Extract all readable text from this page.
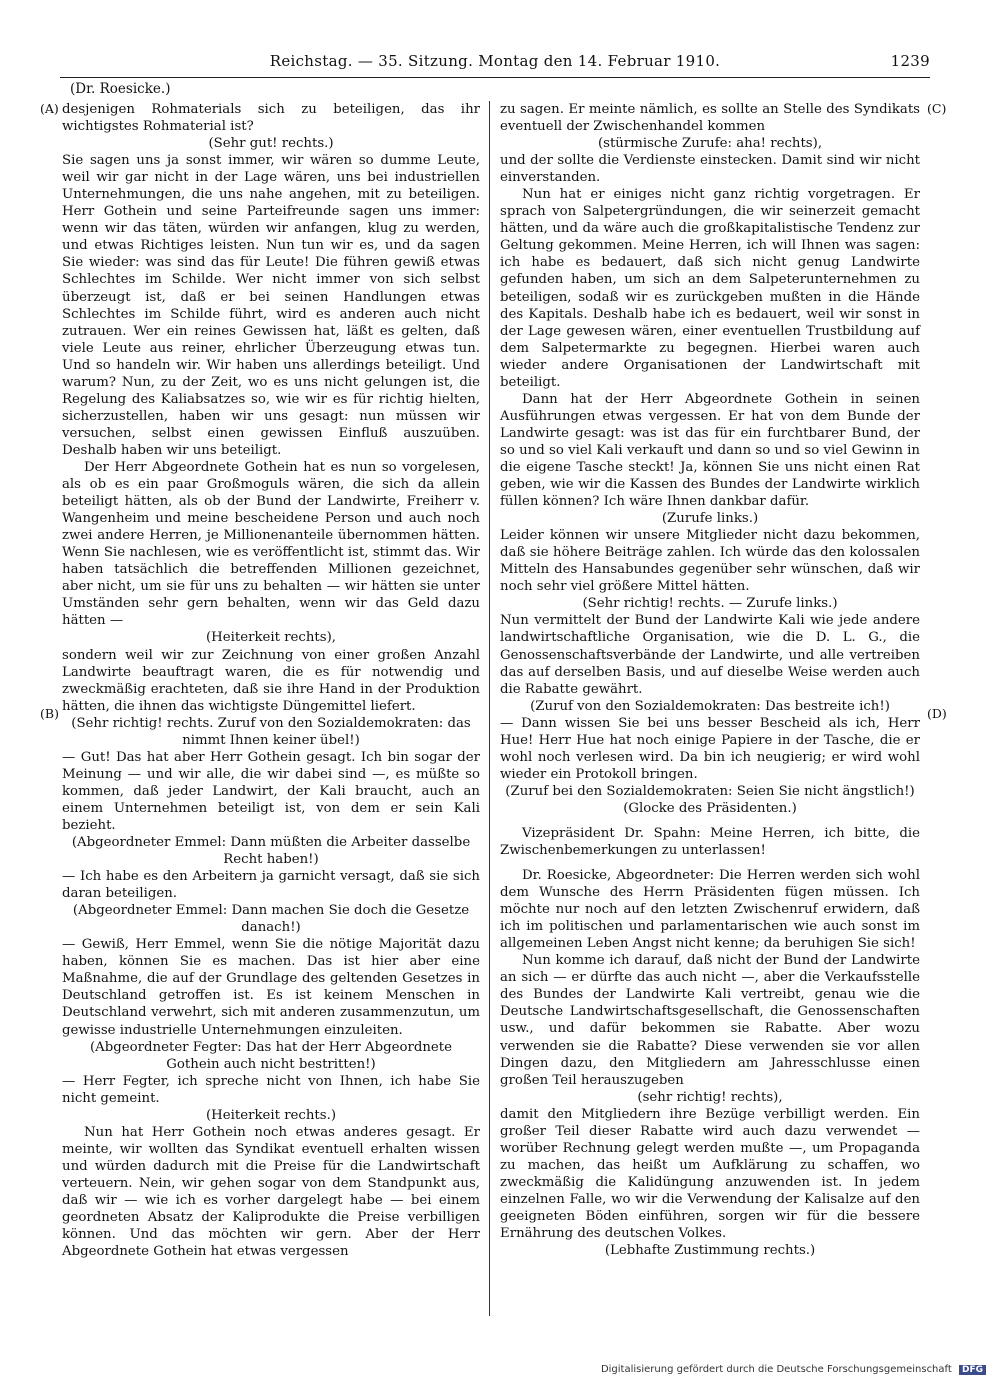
Reichstag. — 35. Sitzung. Montag den 14. Februar 1910.	1239
(Dr. Roesicke.)
(A)
(B)
(C)
(D)

desjenigen Rohmaterials sich zu beteiligen, das ihr wichtigstes Rohmaterial ist?

(Sehr gut! rechts.)

Sie sagen uns ja sonst immer, wir wären so dumme Leute, weil wir gar nicht in der Lage wären, uns bei industriellen Unternehmungen, die uns nahe angehen, mit zu beteiligen. Herr Gothein und seine Parteifreunde sagen uns immer: wenn wir das täten, würden wir anfangen, klug zu werden, und etwas Richtiges leisten. Nun tun wir es, und da sagen Sie wieder: was sind das für Leute! Die führen gewiß etwas Schlechtes im Schilde. Wer nicht immer von sich selbst überzeugt ist, daß er bei seinen Handlungen etwas Schlechtes im Schilde führt, wird es anderen auch nicht zutrauen. Wer ein reines Gewissen hat, läßt es gelten, daß viele Leute aus reiner, ehrlicher Überzeugung etwas tun. Und so handeln wir. Wir haben uns allerdings beteiligt. Und warum? Nun, zu der Zeit, wo es uns nicht gelungen ist, die Regelung des Kaliabsatzes so, wie wir es für richtig hielten, sicherzustellen, haben wir uns gesagt: nun müssen wir versuchen, selbst einen gewissen Einfluß auszuüben. Deshalb haben wir uns beteiligt.

Der Herr Abgeordnete Gothein hat es nun so vorgelesen, als ob es ein paar Großmoguls wären, die sich da allein beteiligt hätten, als ob der Bund der Landwirte, Freiherr v. Wangenheim und meine bescheidene Person und auch noch zwei andere Herren, je Millionenanteile übernommen hätten. Wenn Sie nachlesen, wie es veröffentlicht ist, stimmt das. Wir haben tatsächlich die betreffenden Millionen gezeichnet, aber nicht, um sie für uns zu behalten — wir hätten sie unter Umständen sehr gern behalten, wenn wir das Geld dazu hätten —

(Heiterkeit rechts),

sondern weil wir zur Zeichnung von einer großen Anzahl Landwirte beauftragt waren, die es für notwendig und zweckmäßig erachteten, daß sie ihre Hand in der Produktion hätten, die ihnen das wichtigste Düngemittel liefert.

(Sehr richtig! rechts. Zuruf von den Sozialdemokraten: das nimmt Ihnen keiner übel!)

— Gut! Das hat aber Herr Gothein gesagt. Ich bin sogar der Meinung — und wir alle, die wir dabei sind —, es müßte so kommen, daß jeder Landwirt, der Kali braucht, auch an einem Unternehmen beteiligt ist, von dem er sein Kali bezieht.

(Abgeordneter Emmel: Dann müßten die Arbeiter dasselbe Recht haben!)

— Ich habe es den Arbeitern ja garnicht versagt, daß sie sich daran beteiligen.

(Abgeordneter Emmel: Dann machen Sie doch die Gesetze danach!)

— Gewiß, Herr Emmel, wenn Sie die nötige Majorität dazu haben, können Sie es machen. Das ist hier aber eine Maßnahme, die auf der Grundlage des geltenden Gesetzes in Deutschland getroffen ist. Es ist keinem Menschen in Deutschland verwehrt, sich mit anderen zusammenzutun, um gewisse industrielle Unternehmungen einzuleiten.

(Abgeordneter Fegter: Das hat der Herr Abgeordnete Gothein auch nicht bestritten!)

— Herr Fegter, ich spreche nicht von Ihnen, ich habe Sie nicht gemeint.

(Heiterkeit rechts.)

Nun hat Herr Gothein noch etwas anderes gesagt. Er meinte, wir wollten das Syndikat eventuell erhalten wissen und würden dadurch mit die Preise für die Landwirtschaft verteuern. Nein, wir gehen sogar von dem Standpunkt aus, daß wir — wie ich es vorher dargelegt habe — bei einem geordneten Absatz der Kaliprodukte die Preise verbilligen können. Und das möchten wir gern. Aber der Herr Abgeordnete Gothein hat etwas vergessen

zu sagen. Er meinte nämlich, es sollte an Stelle des Syndikats eventuell der Zwischenhandel kommen

(stürmische Zurufe: aha! rechts),

und der sollte die Verdienste einstecken. Damit sind wir nicht einverstanden.

Nun hat er einiges nicht ganz richtig vorgetragen. Er sprach von Salpetergründungen, die wir seinerzeit gemacht hätten, und da wäre auch die großkapitalistische Tendenz zur Geltung gekommen. Meine Herren, ich will Ihnen was sagen: ich habe es bedauert, daß sich nicht genug Landwirte gefunden haben, um sich an dem Salpeterunternehmen zu beteiligen, sodaß wir es zurückgeben mußten in die Hände des Kapitals. Deshalb habe ich es bedauert, weil wir sonst in der Lage gewesen wären, einer eventuellen Trustbildung auf dem Salpetermarkte zu begegnen. Hierbei waren auch wieder andere Organisationen der Landwirtschaft mit beteiligt.

Dann hat der Herr Abgeordnete Gothein in seinen Ausführungen etwas vergessen. Er hat von dem Bunde der Landwirte gesagt: was ist das für ein furchtbarer Bund, der so und so viel Kali verkauft und dann so und so viel Gewinn in die eigene Tasche steckt! Ja, können Sie uns nicht einen Rat geben, wie wir die Kassen des Bundes der Landwirte wirklich füllen können? Ich wäre Ihnen dankbar dafür.

(Zurufe links.)

Leider können wir unsere Mitglieder nicht dazu bekommen, daß sie höhere Beiträge zahlen. Ich würde das den kolossalen Mitteln des Hansabundes gegenüber sehr wünschen, daß wir noch sehr viel größere Mittel hätten.

(Sehr richtig! rechts. — Zurufe links.)

Nun vermittelt der Bund der Landwirte Kali wie jede andere landwirtschaftliche Organisation, wie die D. L. G., die Genossenschaftsverbände der Landwirte, und alle vertreiben das auf derselben Basis, und auf dieselbe Weise werden auch die Rabatte gewährt.

(Zuruf von den Sozialdemokraten: Das bestreite ich!)

— Dann wissen Sie bei uns besser Bescheid als ich, Herr Hue! Herr Hue hat noch einige Papiere in der Tasche, die er wohl noch verlesen wird. Da bin ich neugierig; er wird wohl wieder ein Protokoll bringen.

(Zuruf bei den Sozialdemokraten: Seien Sie nicht ängstlich!)

(Glocke des Präsidenten.)

Vizepräsident Dr. Spahn: Meine Herren, ich bitte, die Zwischenbemerkungen zu unterlassen!

Dr. Roesicke, Abgeordneter: Die Herren werden sich wohl dem Wunsche des Herrn Präsidenten fügen müssen. Ich möchte nur noch auf den letzten Zwischenruf erwidern, daß ich im politischen und parlamentarischen wie auch sonst im allgemeinen Leben Angst nicht kenne; da beruhigen Sie sich!

Nun komme ich darauf, daß nicht der Bund der Landwirte an sich — er dürfte das auch nicht —, aber die Verkaufsstelle des Bundes der Landwirte Kali vertreibt, genau wie die Deutsche Landwirtschaftsgesellschaft, die Genossenschaften usw., und dafür bekommen sie Rabatte. Aber wozu verwenden sie die Rabatte? Diese verwenden sie vor allen Dingen dazu, den Mitgliedern am Jahresschlusse einen großen Teil herauszugeben

(sehr richtig! rechts),

damit den Mitgliedern ihre Bezüge verbilligt werden. Ein großer Teil dieser Rabatte wird auch dazu verwendet — worüber Rechnung gelegt werden mußte —, um Propaganda zu machen, das heißt um Aufklärung zu schaffen, wo zweckmäßig die Kalidüngung anzuwenden ist. In jedem einzelnen Falle, wo wir die Verwendung der Kalisalze auf den geeigneten Böden einführen, sorgen wir für die bessere Ernährung des deutschen Volkes.

(Lebhafte Zustimmung rechts.)

Digitalisierung gefördert durch die Deutsche Forschungsgemeinschaft DFG
